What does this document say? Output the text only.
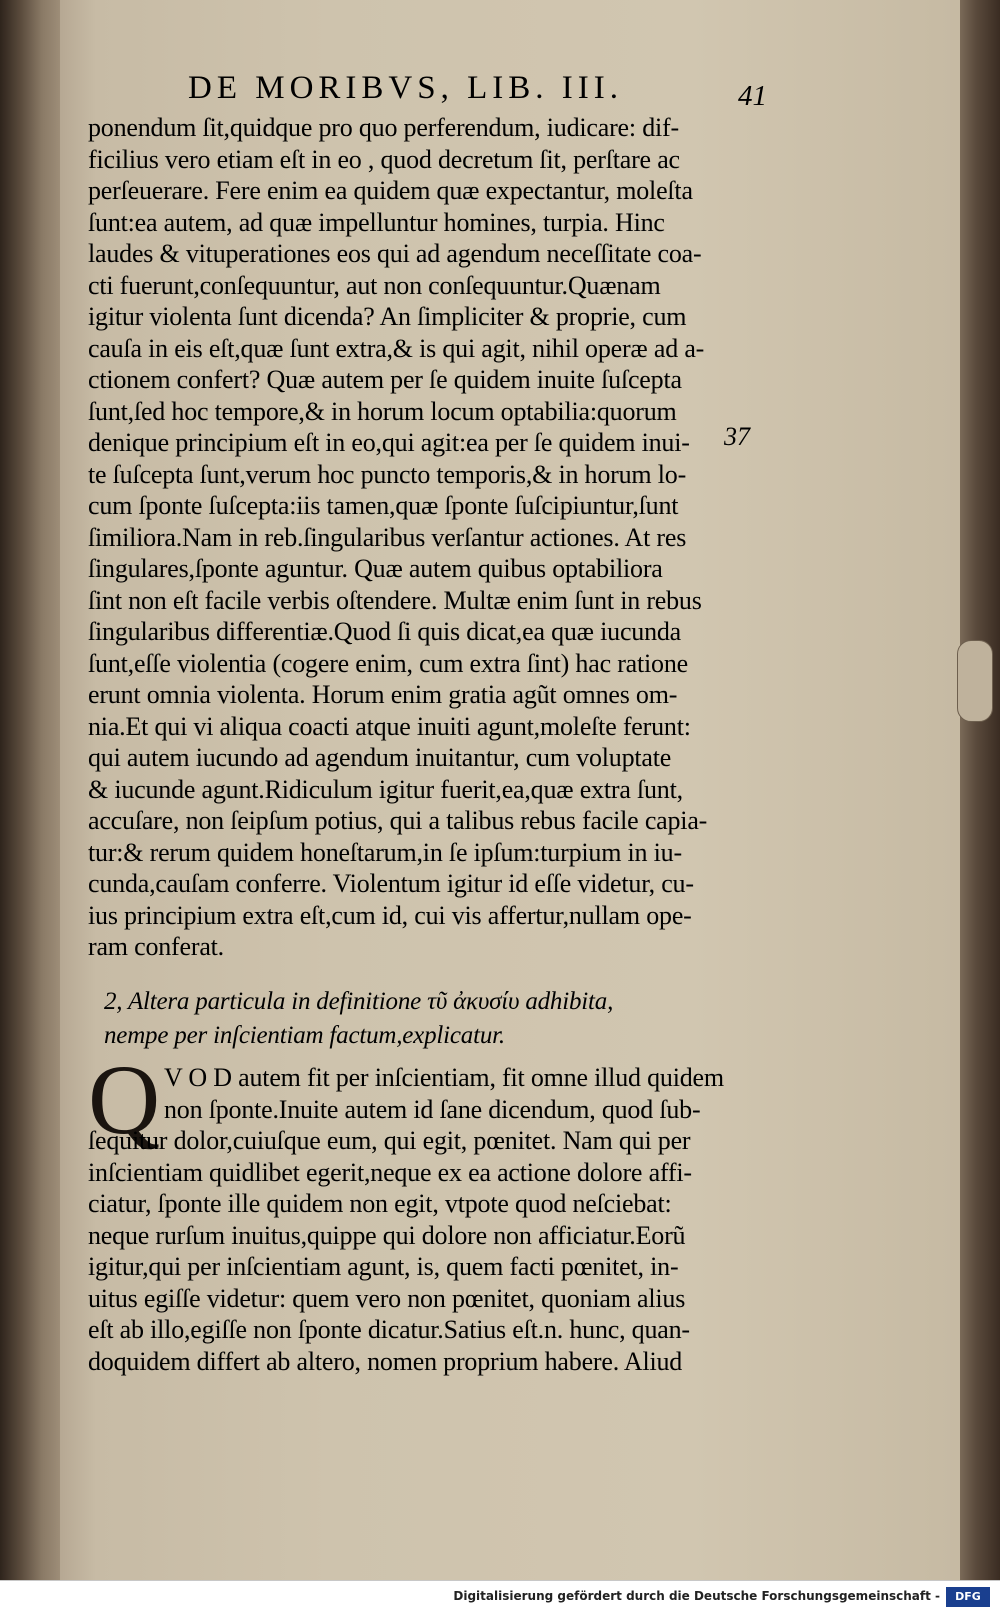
DE MORIBVS, LIB. III.	41
ponendum ſit,quidque pro quo perferendum, iudicare: dif-
ficilius vero etiam eſt in eo , quod decretum ſit, perſtare ac
perſeuerare. Fere enim ea quidem quæ expectantur, moleſta
ſunt:ea autem, ad quæ impelluntur homines, turpia. Hinc
laudes & vituperationes eos qui ad agendum neceſſitate coa-
cti fuerunt,conſequuntur, aut non conſequuntur.Quænam
igitur violenta ſunt dicenda? An ſimpliciter & proprie, cum
cauſa in eis eſt,quæ ſunt extra,& is qui agit, nihil operæ ad a-
ctionem confert? Quæ autem per ſe quidem inuite ſuſcepta
ſunt,ſed hoc tempore,& in horum locum optabilia:quorum
denique principium eſt in eo,qui agit:ea per ſe quidem inui-
te ſuſcepta ſunt,verum hoc puncto temporis,& in horum lo-
cum ſponte ſuſcepta:iis tamen,quæ ſponte ſuſcipiuntur,ſunt
ſimiliora.Nam in reb.ſingularibus verſantur actiones. At res
ſingulares,ſponte aguntur. Quæ autem quibus optabiliora
ſint non eſt facile verbis oſtendere. Multæ enim ſunt in rebus
ſingularibus differentiæ.Quod ſi quis dicat,ea quæ iucunda
ſunt,eſſe violentia (cogere enim, cum extra ſint) hac ratione
erunt omnia violenta. Horum enim gratia agũt omnes om-
nia.Et qui vi aliqua coacti atque inuiti agunt,moleſte ferunt:
qui autem iucundo ad agendum inuitantur, cum voluptate
& iucunde agunt.Ridiculum igitur fuerit,ea,quæ extra ſunt,
accuſare, non ſeipſum potius, qui a talibus rebus facile capia-
tur:& rerum quidem honeſtarum,in ſe ipſum:turpium in iu-
cunda,cauſam conferre. Violentum igitur id eſſe videtur, cu-
ius principium extra eſt,cum id, cui vis affertur,nullam ope-
ram conferat.
37
2, Altera particula in definitione τῦ ἀκυσίυ adhibita,
nempe per inſcientiam factum,explicatur.
Q V O D autem fit per inſcientiam, fit omne illud quidem
non ſponte.Inuite autem id ſane dicendum, quod ſub-
ſequitur dolor,cuiuſque eum, qui egit, pœnitet. Nam qui per
inſcientiam quidlibet egerit,neque ex ea actione dolore affi-
ciatur, ſponte ille quidem non egit, vtpote quod neſciebat:
neque rurſum inuitus,quippe qui dolore non afficiatur.Eorũ
igitur,qui per inſcientiam agunt, is, quem facti pœnitet, in-
uitus egiſſe videtur: quem vero non pœnitet, quoniam alius
eſt ab illo,egiſſe non ſponte dicatur.Satius eſt.n. hunc, quan-
doquidem differt ab altero, nomen proprium habere. Aliud
Digitalisierung gefördert durch die Deutsche Forschungsgemeinschaft -	DFG
